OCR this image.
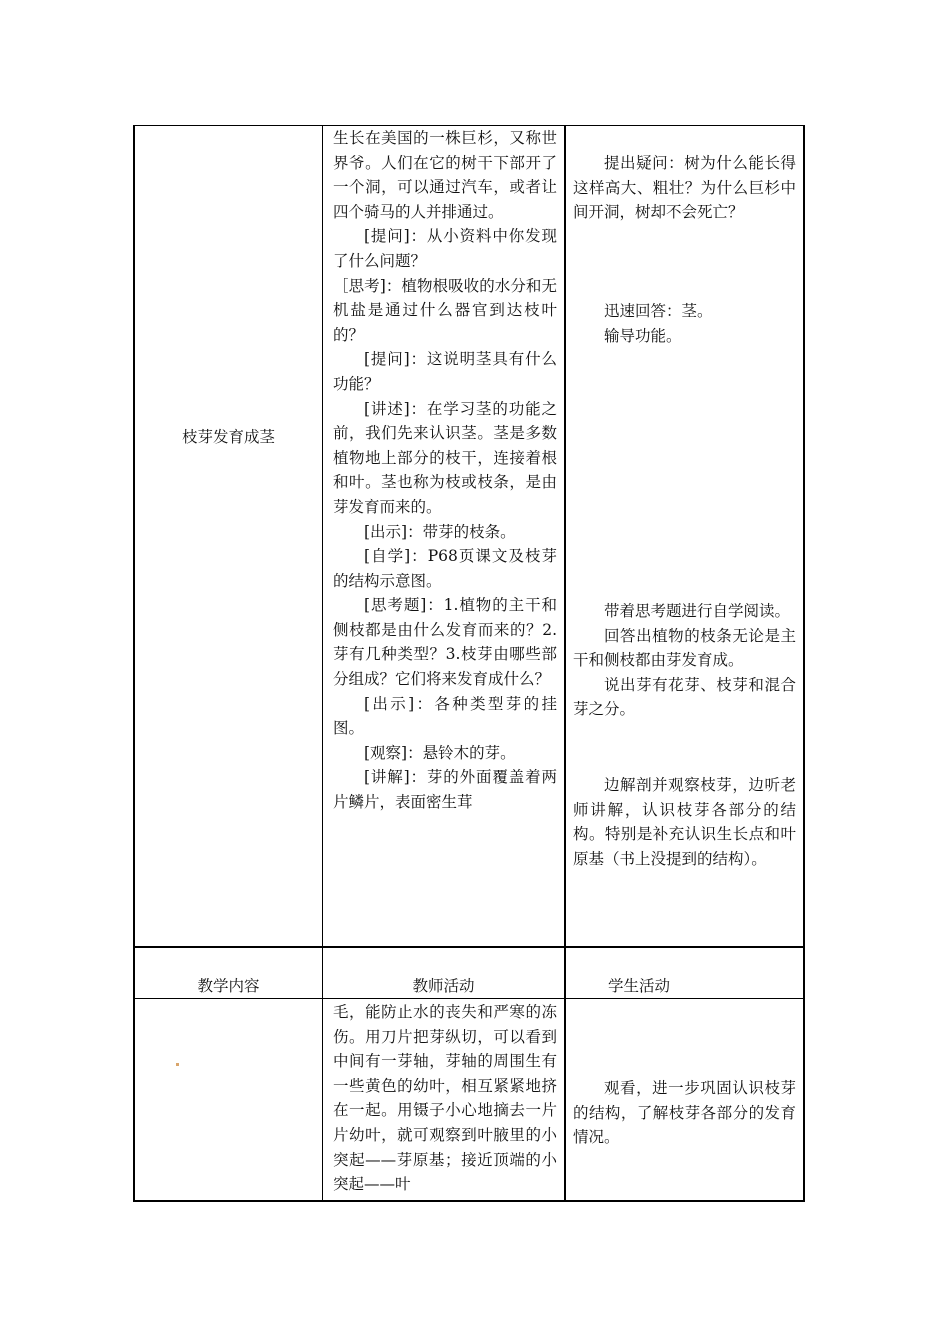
枝芽发育成茎

生长在美国的一株巨杉，又称世界爷。人们在它的树干下部开了一个洞，可以通过汽车，或者让四个骑马的人并排通过。

[提问]：从小资料中你发现了什么问题？

［思考]：植物根吸收的水分和无机盐是通过什么器官到达枝叶的？

[提问]：这说明茎具有什么功能？

[讲述]：在学习茎的功能之前，我们先来认识茎。茎是多数植物地上部分的枝干，连接着根和叶。茎也称为枝或枝条，是由芽发育而来的。

[出示]：带芽的枝条。

[自学]：P68页课文及枝芽的结构示意图。

[思考题]：1.植物的主干和侧枝都是由什么发育而来的？2.芽有几种类型？3.枝芽由哪些部分组成？它们将来发育成什么？

[出示]：各种类型芽的挂图。

[观察]：悬铃木的芽。

[讲解]：芽的外面覆盖着两片鳞片，表面密生茸

提出疑问：树为什么能长得这样高大、粗壮？为什么巨杉中间开洞，树却不会死亡？

迅速回答：茎。

输导功能。

带着思考题进行自学阅读。

回答出植物的枝条无论是主干和侧枝都由芽发育成。

说出芽有花芽、枝芽和混合芽之分。

边解剖并观察枝芽，边听老师讲解，认识枝芽各部分的结构。特别是补充认识生长点和叶原基（书上没提到的结构）。

教学内容	教师活动	学生活动

毛，能防止水的丧失和严寒的冻伤。用刀片把芽纵切，可以看到中间有一芽轴，芽轴的周围生有一些黄色的幼叶，相互紧紧地挤在一起。用镊子小心地摘去一片片幼叶，就可观察到叶腋里的小突起——芽原基；接近顶端的小突起——叶

观看，进一步巩固认识枝芽的结构，了解枝芽各部分的发育情况。
